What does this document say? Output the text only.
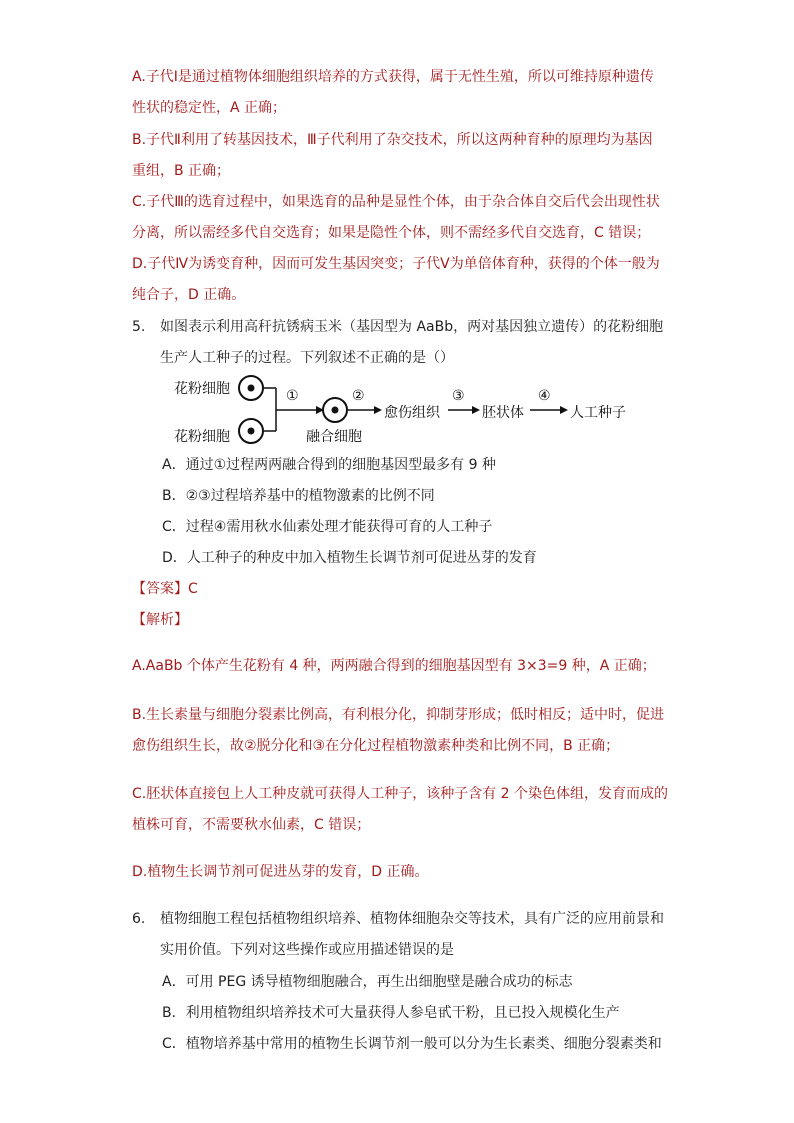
A.子代Ⅰ是通过植物体细胞组织培养的方式获得，属于无性生殖，所以可维持原种遗传
性状的稳定性，A 正确；
B.子代Ⅱ利用了转基因技术，Ⅲ子代利用了杂交技术，所以这两种育种的原理均为基因
重组，B 正确；
C.子代Ⅲ的选育过程中，如果选育的品种是显性个体，由于杂合体自交后代会出现性状
分离，所以需经多代自交选育；如果是隐性个体，则不需经多代自交选育，C 错误；
D.子代Ⅳ为诱变育种，因而可发生基因突变；子代Ⅴ为单倍体育种，获得的个体一般为
纯合子，D 正确。
5. 如图表示利用高秆抗锈病玉米（基因型为 AaBb，两对基因独立遗传）的花粉细胞
生产人工种子的过程。下列叙述不正确的是（）
花粉细胞
花粉细胞
①
融合细胞
②
愈伤组织
③
胚状体
④
人工种子
A．通过①过程两两融合得到的细胞基因型最多有 9 种
B．②③过程培养基中的植物激素的比例不同
C．过程④需用秋水仙素处理才能获得可育的人工种子
D．人工种子的种皮中加入植物生长调节剂可促进丛芽的发育
【答案】C
【解析】
A.AaBb 个体产生花粉有 4 种，两两融合得到的细胞基因型有 3×3=9 种，A 正确；
B.生长素量与细胞分裂素比例高，有利根分化，抑制芽形成；低时相反；适中时，促进
愈伤组织生长，故②脱分化和③在分化过程植物激素种类和比例不同，B 正确；
C.胚状体直接包上人工种皮就可获得人工种子，该种子含有 2 个染色体组，发育而成的
植株可育，不需要秋水仙素，C 错误；
D.植物生长调节剂可促进丛芽的发育，D 正确。
6. 植物细胞工程包括植物组织培养、植物体细胞杂交等技术，具有广泛的应用前景和
实用价值。下列对这些操作或应用描述错误的是
A．可用 PEG 诱导植物细胞融合，再生出细胞壁是融合成功的标志
B．利用植物组织培养技术可大量获得人参皂甙干粉，且已投入规模化生产
C．植物培养基中常用的植物生长调节剂一般可以分为生长素类、细胞分裂素类和
